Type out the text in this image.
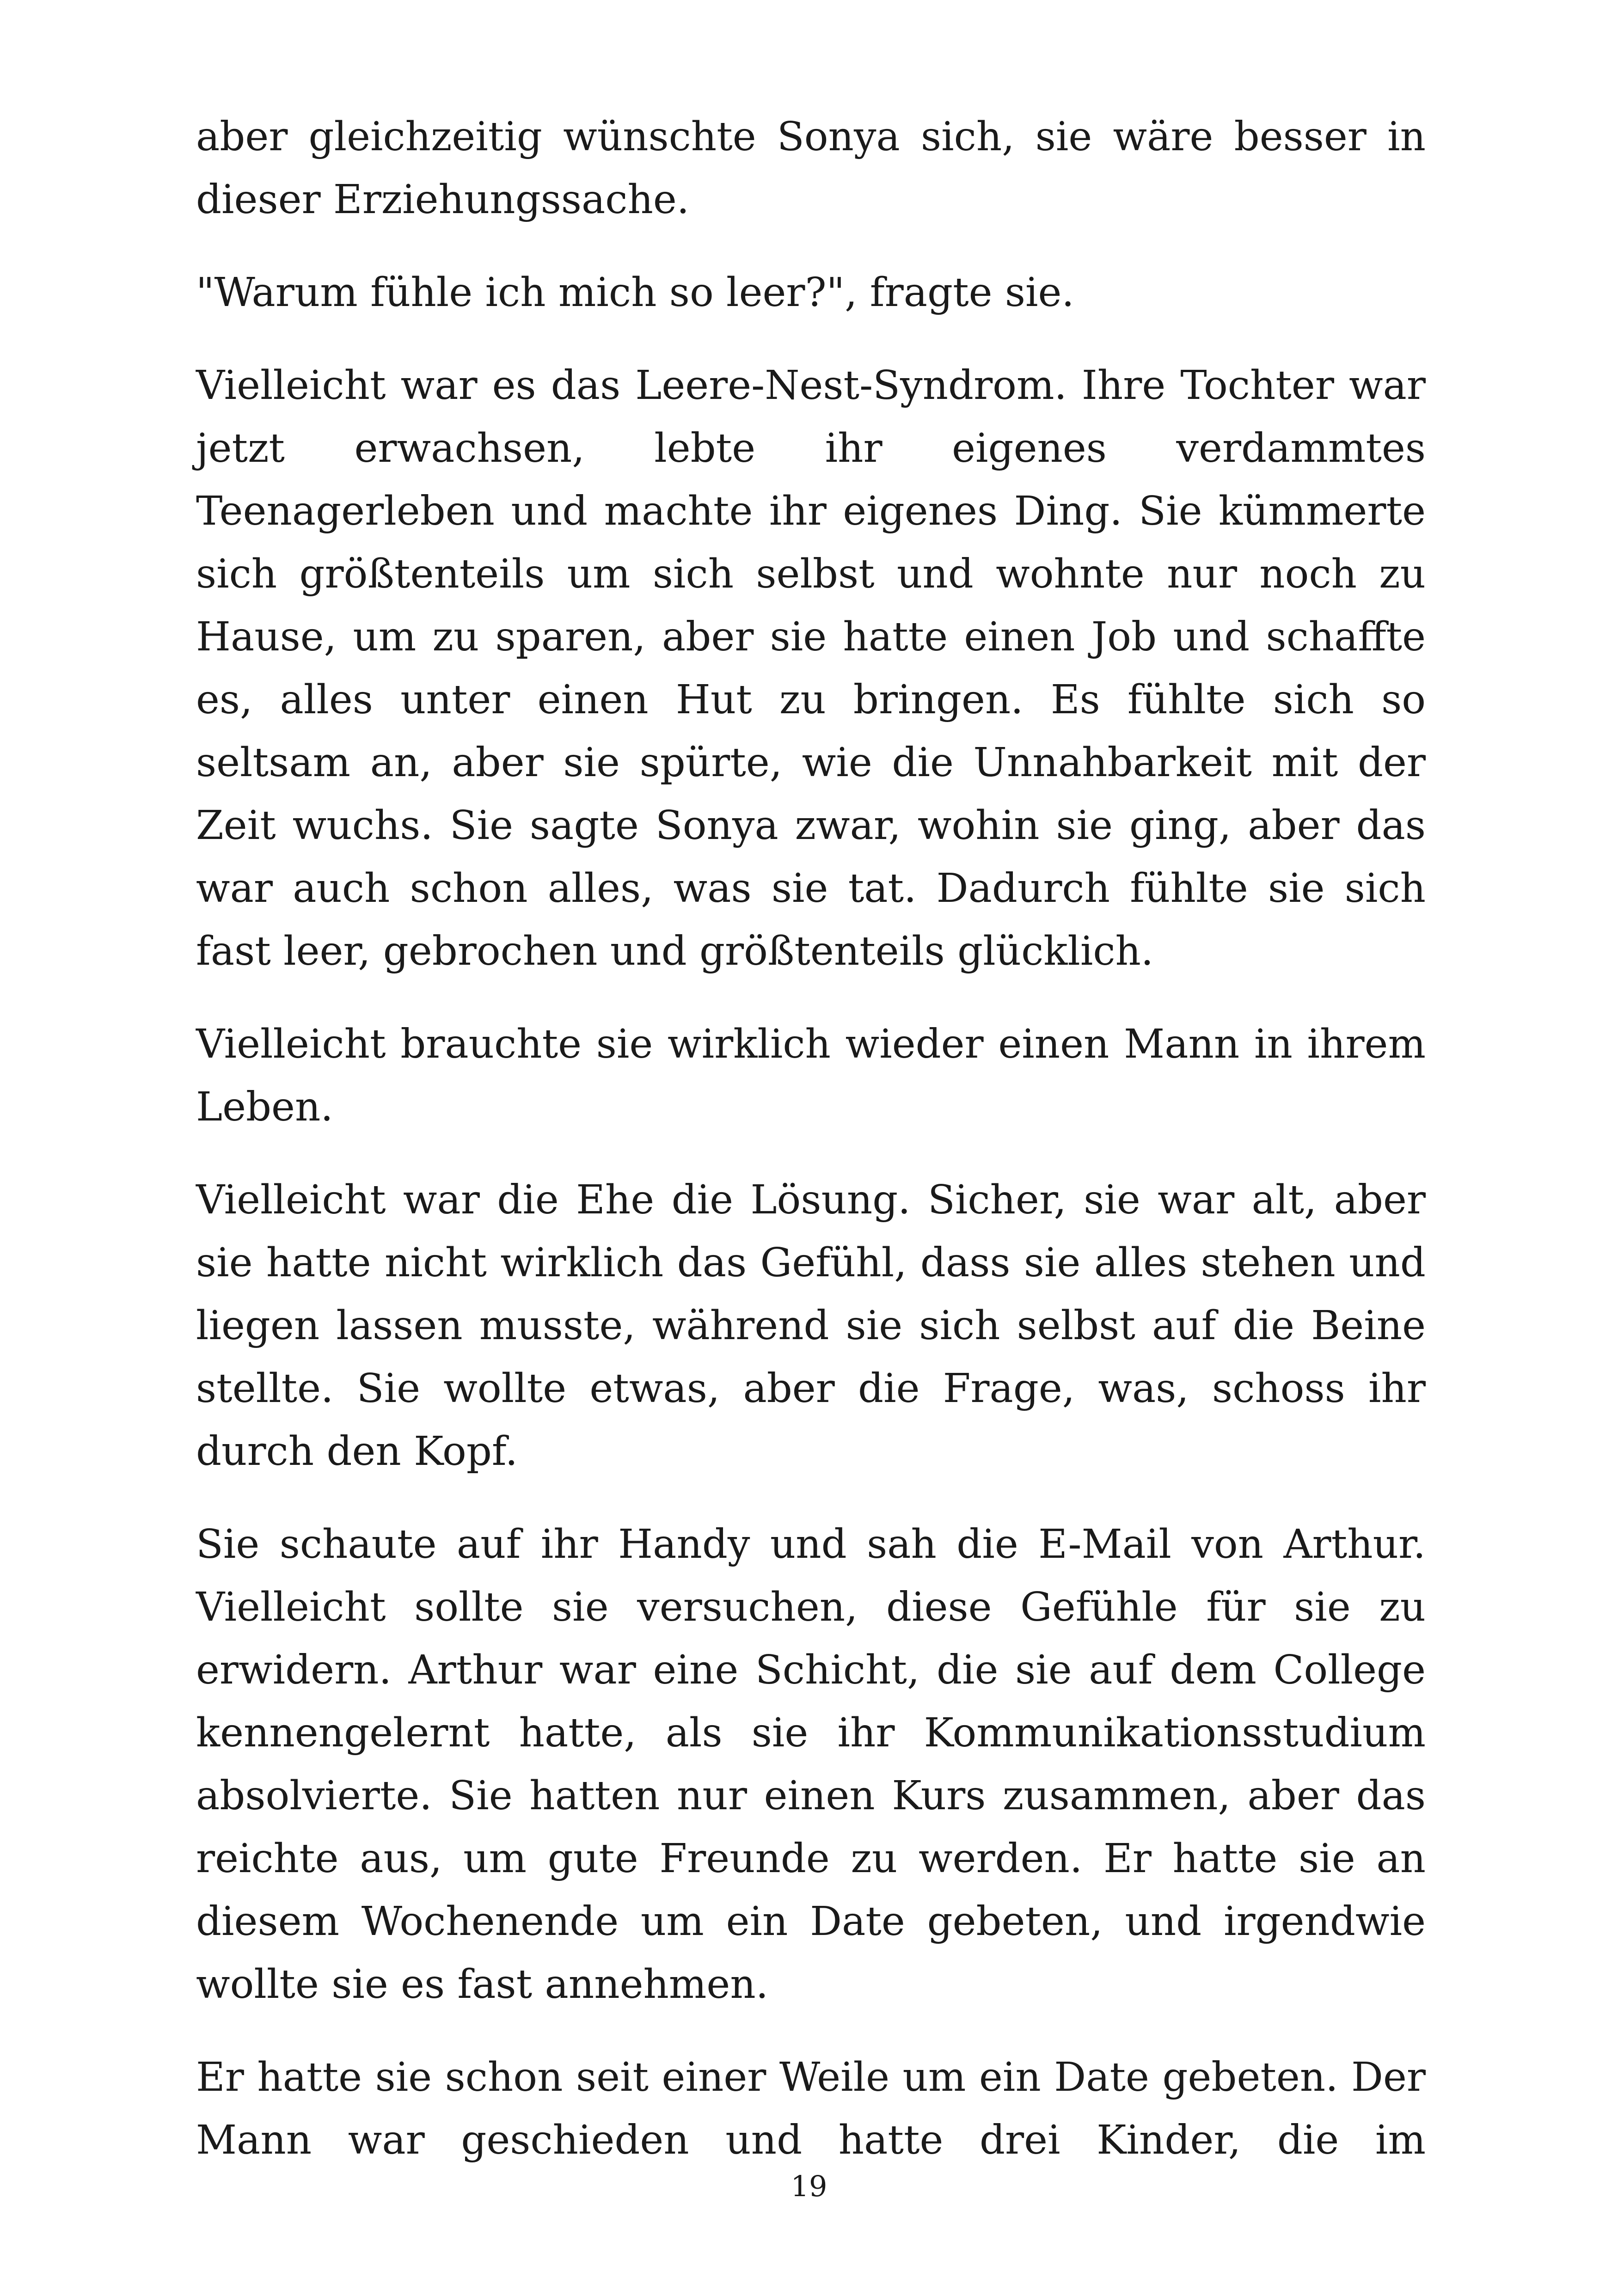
aber gleichzeitig wünschte Sonya sich, sie wäre besser in dieser Erziehungssache.

"Warum fühle ich mich so leer?", fragte sie.

Vielleicht war es das Leere-Nest-Syndrom. Ihre Tochter war jetzt erwachsen, lebte ihr eigenes verdammtes Teenagerleben und machte ihr eigenes Ding. Sie kümmerte sich größtenteils um sich selbst und wohnte nur noch zu Hause, um zu sparen, aber sie hatte einen Job und schaffte es, alles unter einen Hut zu bringen. Es fühlte sich so seltsam an, aber sie spürte, wie die Unnahbarkeit mit der Zeit wuchs. Sie sagte Sonya zwar, wohin sie ging, aber das war auch schon alles, was sie tat. Dadurch fühlte sie sich fast leer, gebrochen und größtenteils glücklich.

Vielleicht brauchte sie wirklich wieder einen Mann in ihrem Leben.

Vielleicht war die Ehe die Lösung. Sicher, sie war alt, aber sie hatte nicht wirklich das Gefühl, dass sie alles stehen und liegen lassen musste, während sie sich selbst auf die Beine stellte. Sie wollte etwas, aber die Frage, was, schoss ihr durch den Kopf.

Sie schaute auf ihr Handy und sah die E-Mail von Arthur. Vielleicht sollte sie versuchen, diese Gefühle für sie zu erwidern. Arthur war eine Schicht, die sie auf dem College kennengelernt hatte, als sie ihr Kommunikationsstudium absolvierte. Sie hatten nur einen Kurs zusammen, aber das reichte aus, um gute Freunde zu werden. Er hatte sie an diesem Wochenende um ein Date gebeten, und irgendwie wollte sie es fast annehmen.

Er hatte sie schon seit einer Weile um ein Date gebeten. Der Mann war geschieden und hatte drei Kinder, die im

19
